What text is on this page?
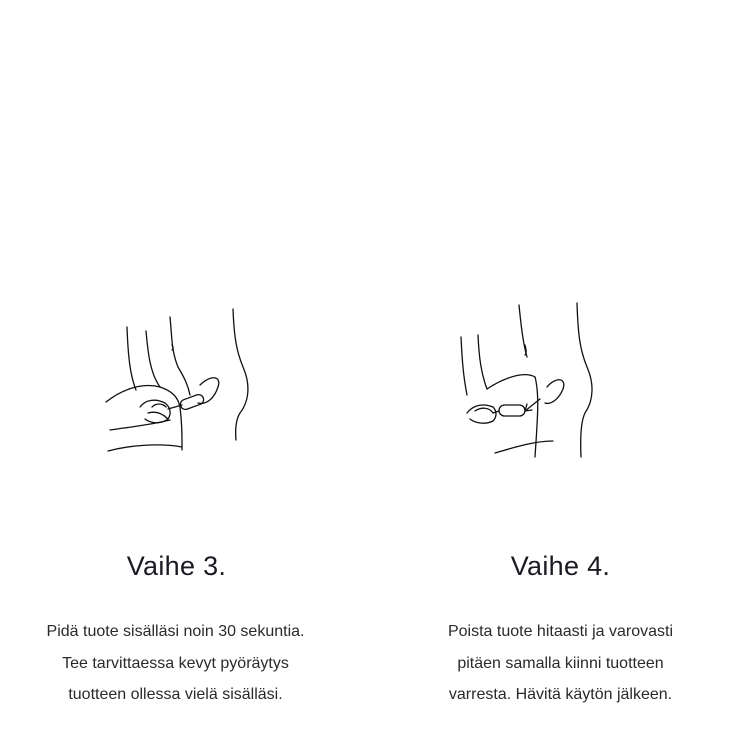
Vaihe 3.
Pidä tuote sisälläsi noin 30 sekuntia.
Tee tarvittaessa kevyt pyöräytys
tuotteen ollessa vielä sisälläsi.
Vaihe 4.
Poista tuote hitaasti ja varovasti
pitäen samalla kiinni tuotteen
varresta. Hävitä käytön jälkeen.
